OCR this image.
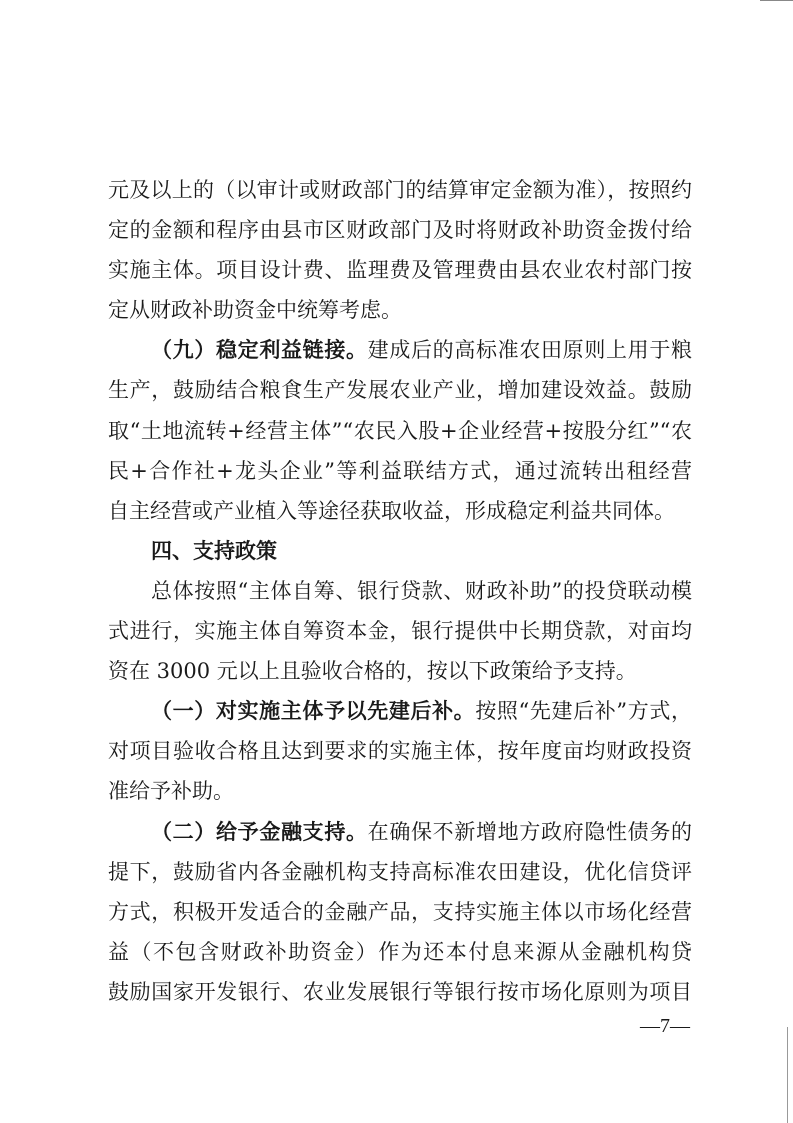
元及以上的（以审计或财政部门的结算审定金额为准），按照约
定的金额和程序由县市区财政部门及时将财政补助资金拨付给
实施主体。项目设计费、监理费及管理费由县农业农村部门按
定从财政补助资金中统筹考虑。
（九）稳定利益链接。建成后的高标准农田原则上用于粮
生产，鼓励结合粮食生产发展农业产业，增加建设效益。鼓励
取“土地流转+经营主体”“农民入股+企业经营+按股分红”“农
民+合作社+龙头企业”等利益联结方式，通过流转出租经营
自主经营或产业植入等途径获取收益，形成稳定利益共同体。
四、支持政策
总体按照“主体自筹、银行贷款、财政补助”的投贷联动模
式进行，实施主体自筹资本金，银行提供中长期贷款，对亩均
资在 3000 元以上且验收合格的，按以下政策给予支持。
（一）对实施主体予以先建后补。按照“先建后补”方式，
对项目验收合格且达到要求的实施主体，按年度亩均财政投资
准给予补助。
（二）给予金融支持。在确保不新增地方政府隐性债务的
提下，鼓励省内各金融机构支持高标准农田建设，优化信贷评
方式，积极开发适合的金融产品，支持实施主体以市场化经营
益（不包含财政补助资金）作为还本付息来源从金融机构贷
鼓励国家开发银行、农业发展银行等银行按市场化原则为项目
—7—
